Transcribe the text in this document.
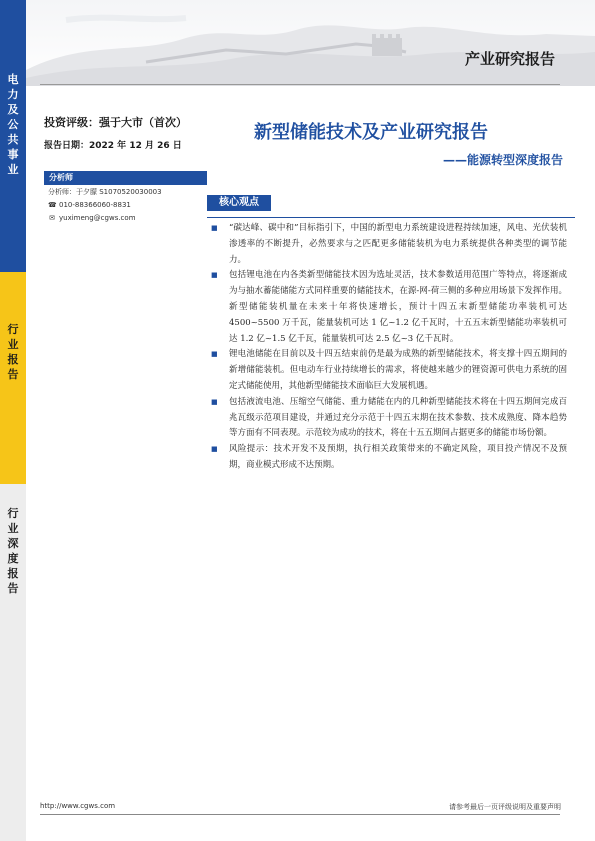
电
力
及
公
共
事
业
行
业
报
告
行
业
深
度
报
告
产业研究报告
投资评级：强于大市（首次）
报告日期：2022 年 12 月 26 日
分析师
分析师：于夕朦 S1070520030003
☎ 010-88366060-8831
✉ yuximeng@cgws.com
新型储能技术及产业研究报告
——能源转型深度报告
核心观点
■	“碳达峰、碳中和”目标指引下，中国的新型电力系统建设进程持续加速，风电、光伏装机渗透率的不断提升，必然要求与之匹配更多储能装机为电力系统提供各种类型的调节能力。
■	包括锂电池在内各类新型储能技术因为选址灵活，技术参数适用范围广等特点，将逐渐成为与抽水蓄能储能方式同样重要的储能技术，在源-网-荷三侧的多种应用场景下发挥作用。新型储能装机量在未来十年将快速增长，预计十四五末新型储能功率装机可达 4500~5500 万千瓦，能量装机可达 1 亿~1.2 亿千瓦时，十五五末新型储能功率装机可达 1.2 亿~1.5 亿千瓦，能量装机可达 2.5 亿~3 亿千瓦时。
■	锂电池储能在目前以及十四五结束前仍是最为成熟的新型储能技术，将支撑十四五期间的新增储能装机。但电动车行业持续增长的需求，将使越来越少的锂资源可供电力系统的固定式储能使用，其他新型储能技术面临巨大发展机遇。
■	包括液流电池、压缩空气储能、重力储能在内的几种新型储能技术将在十四五期间完成百兆瓦级示范项目建设，并通过充分示范于十四五末期在技术参数、技术成熟度、降本趋势等方面有不同表现。示范较为成功的技术，将在十五五期间占据更多的储能市场份额。
■	风险提示：技术开发不及预期，执行相关政策带来的不确定风险，项目投产情况不及预期，商业模式形成不达预期。
http://www.cgws.com	请参考最后一页评级说明及重要声明
